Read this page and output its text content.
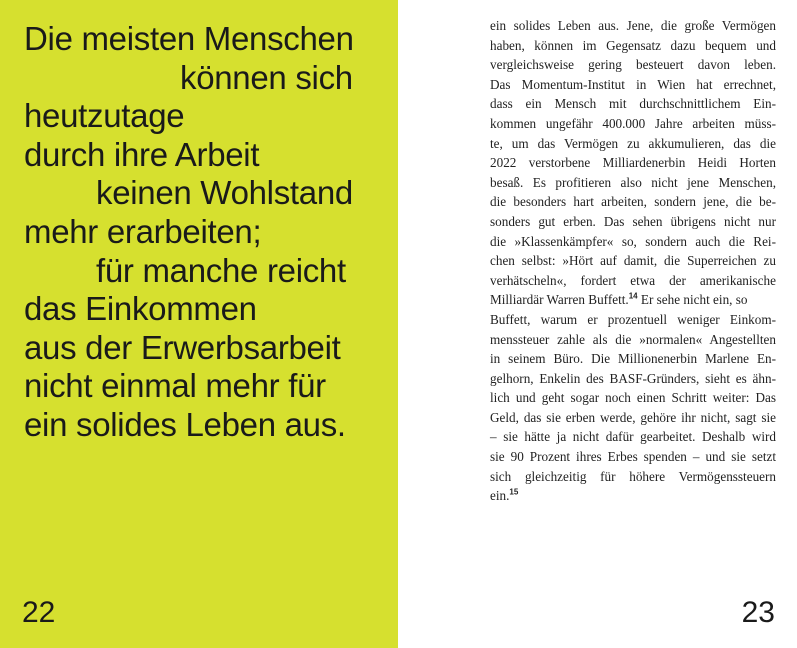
Die meisten Menschen
können sich
heutzutage
durch ihre Arbeit
keinen Wohlstand
mehr erarbeiten;
für manche reicht
das Einkommen
aus der Erwerbsarbeit
nicht einmal mehr für
ein solides Leben aus.
22
ein solides Leben aus. Jene, die große Vermögen
haben, können im Gegensatz dazu bequem und
vergleichsweise gering besteuert davon leben.
Das Momentum-Institut in Wien hat errechnet,
dass ein Mensch mit durchschnittlichem Ein-
kommen ungefähr 400.000 Jahre arbeiten müss-
te, um das Vermögen zu akkumulieren, das die
2022 verstorbene Milliardenerbin Heidi Horten
besaß. Es profitieren also nicht jene Menschen,
die besonders hart arbeiten, sondern jene, die be-
sonders gut erben. Das sehen übrigens nicht nur
die »Klassenkämpfer« so, sondern auch die Rei-
chen selbst: »Hört auf damit, die Superreichen zu
verhätscheln«, fordert etwa der amerikanische
Milliardär Warren Buffett.$^{14}$ Er sehe nicht ein, so
Buffett, warum er prozentuell weniger Einkom-
menssteuer zahle als die »normalen« Angestellten
in seinem Büro. Die Millionenerbin Marlene En-
gelhorn, Enkelin des BASF-Gründers, sieht es ähn-
lich und geht sogar noch einen Schritt weiter: Das
Geld, das sie erben werde, gehöre ihr nicht, sagt sie
– sie hätte ja nicht dafür gearbeitet. Deshalb wird
sie 90 Prozent ihres Erbes spenden – und sie setzt
sich gleichzeitig für höhere Vermögenssteuern
ein.$^{15}$
23
